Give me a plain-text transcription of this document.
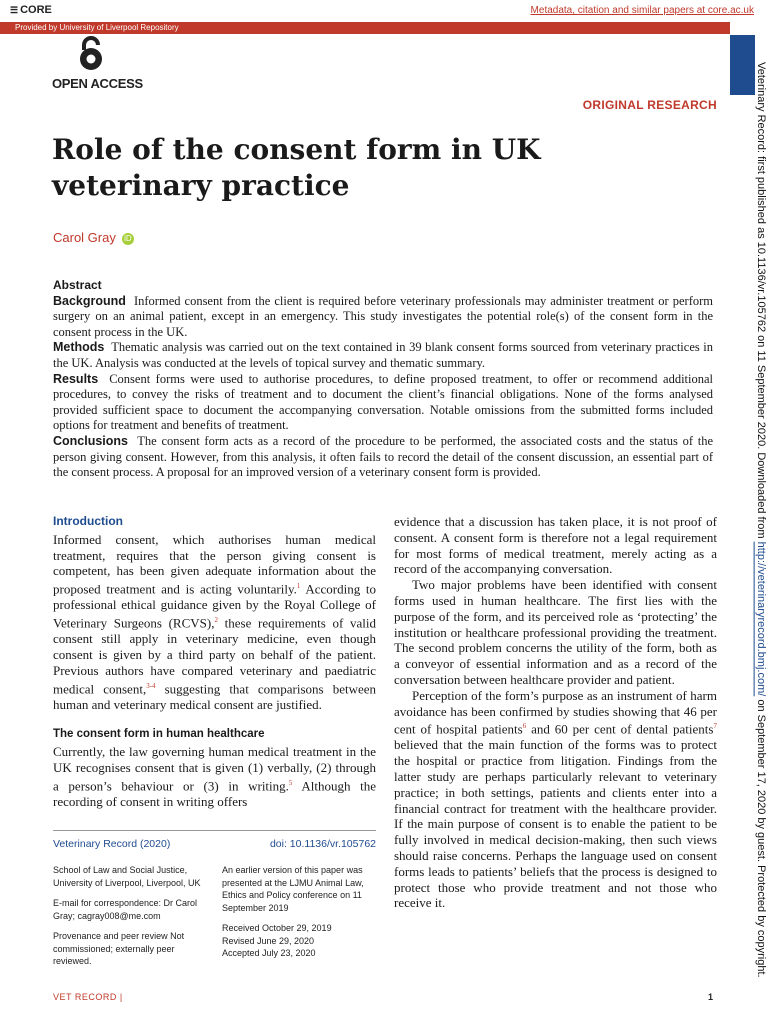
☰ CORE	Metadata, citation and similar papers at core.ac.uk
Provided by University of Liverpool Repository
OPEN ACCESS	Veterinary Record: first published as 10.1136/vr.105762 on 11 September 2020. Downloaded from http://veterinaryrecord.bmj.com/ on September 17, 2020 by guest. Protected by copyright.
ORIGINAL RESEARCH
Role of the consent form in UK veterinary practice
Carol Gray iD
Abstract

Background Informed consent from the client is required before veterinary professionals may administer treatment or perform surgery on an animal patient, except in an emergency. This study investigates the potential role(s) of the consent form in the consent process in the UK.

Methods Thematic analysis was carried out on the text contained in 39 blank consent forms sourced from veterinary practices in the UK. Analysis was conducted at the levels of topical survey and thematic summary.

Results Consent forms were used to authorise procedures, to define proposed treatment, to offer or recommend additional procedures, to convey the risks of treatment and to document the client’s financial obligations. None of the forms analysed provided sufficient space to document the accompanying conversation. Notable omissions from the submitted forms included options for treatment and benefits of treatment.

Conclusions The consent form acts as a record of the procedure to be performed, the associated costs and the status of the person giving consent. However, from this analysis, it often fails to record the detail of the consent discussion, an essential part of the consent process. A proposal for an improved version of a veterinary consent form is provided.

Introduction

Informed consent, which authorises human medical treatment, requires that the person giving consent is competent, has been given adequate information about the proposed treatment and is acting voluntarily.$^1$ According to professional ethical guidance given by the Royal College of Veterinary Surgeons (RCVS),$^2$ these requirements of valid consent still apply in veterinary medicine, even though consent is given by a third party on behalf of the patient. Previous authors have compared veterinary and paediatric medical consent,$^{3-4}$ suggesting that comparisons between human and veterinary medical consent are justified.

The consent form in human healthcare

Currently, the law governing human medical treatment in the UK recognises consent that is given (1) verbally, (2) through a person’s behaviour or (3) in writing.$^5$ Although the recording of consent in writing offers

evidence that a discussion has taken place, it is not proof of consent. A consent form is therefore not a legal requirement for most forms of medical treatment, merely acting as a record of the accompanying conversation.

Two major problems have been identified with consent forms used in human healthcare. The first lies with the purpose of the form, and its perceived role as ‘protecting’ the institution or healthcare professional providing the treatment. The second problem concerns the utility of the form, both as a conveyor of essential information and as a record of the conversation between healthcare provider and patient.

Perception of the form’s purpose as an instrument of harm avoidance has been confirmed by studies showing that 46 per cent of hospital patients$^6$ and 60 per cent of dental patients$^7$ believed that the main function of the forms was to protect the hospital or practice from litigation. Findings from the latter study are perhaps particularly relevant to veterinary practice; in both settings, patients and clients enter into a financial contract for treatment with the healthcare provider. If the main purpose of consent is to enable the patient to be fully involved in medical decision-making, then such views should raise concerns. Perhaps the language used on consent forms leads to patients’ beliefs that the process is designed to protect those who provide treatment and not those who receive it.

Veterinary Record (2020)	doi: 10.1136/vr.105762

School of Law and Social Justice, University of Liverpool, Liverpool, UK

E-mail for correspondence: Dr Carol Gray; cagray008@me.com

Provenance and peer review Not commissioned; externally peer reviewed.

An earlier version of this paper was presented at the LJMU Animal Law, Ethics and Policy conference on 11 September 2019

Received October 29, 2019

Revised June 29, 2020

Accepted July 23, 2020

VET RECORD |	1
